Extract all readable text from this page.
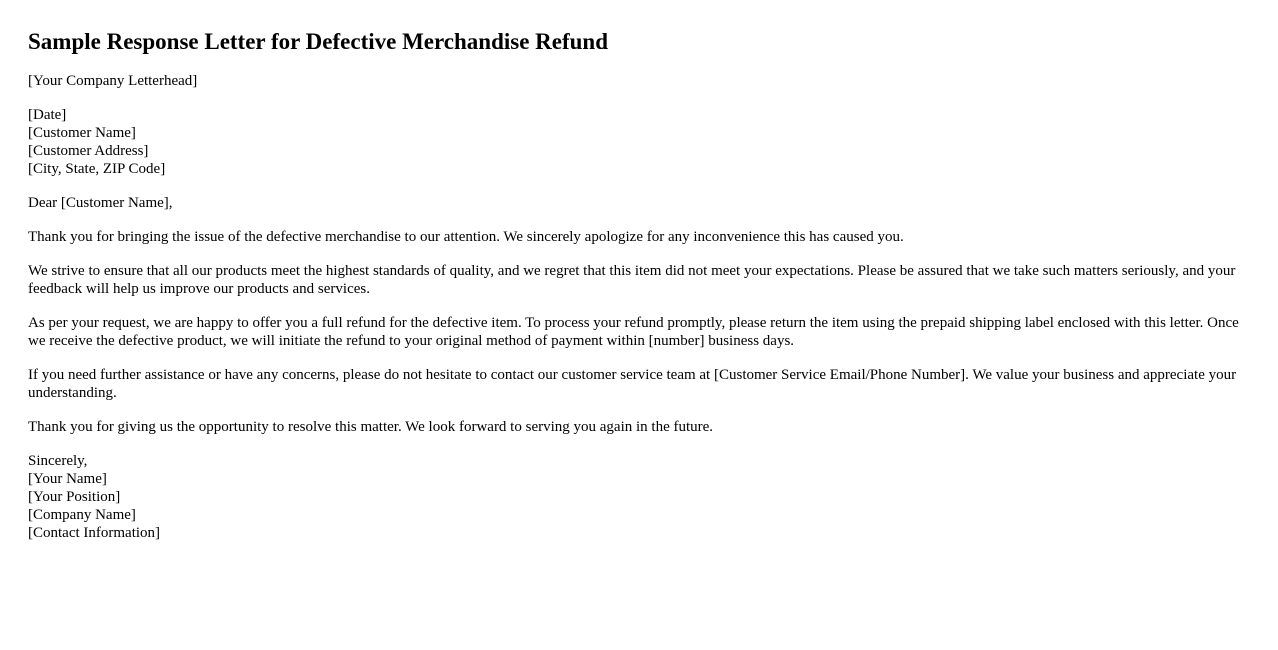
Sample Response Letter for Defective Merchandise Refund

[Your Company Letterhead]

[Date]
[Customer Name]
[Customer Address]
[City, State, ZIP Code]

Dear [Customer Name],

Thank you for bringing the issue of the defective merchandise to our attention. We sincerely apologize for any inconvenience this has caused you.

We strive to ensure that all our products meet the highest standards of quality, and we regret that this item did not meet your expectations. Please be assured that we take such matters seriously, and your feedback will help us improve our products and services.

As per your request, we are happy to offer you a full refund for the defective item. To process your refund promptly, please return the item using the prepaid shipping label enclosed with this letter. Once we receive the defective product, we will initiate the refund to your original method of payment within [number] business days.

If you need further assistance or have any concerns, please do not hesitate to contact our customer service team at [Customer Service Email/Phone Number]. We value your business and appreciate your understanding.

Thank you for giving us the opportunity to resolve this matter. We look forward to serving you again in the future.

Sincerely,
[Your Name]
[Your Position]
[Company Name]
[Contact Information]
